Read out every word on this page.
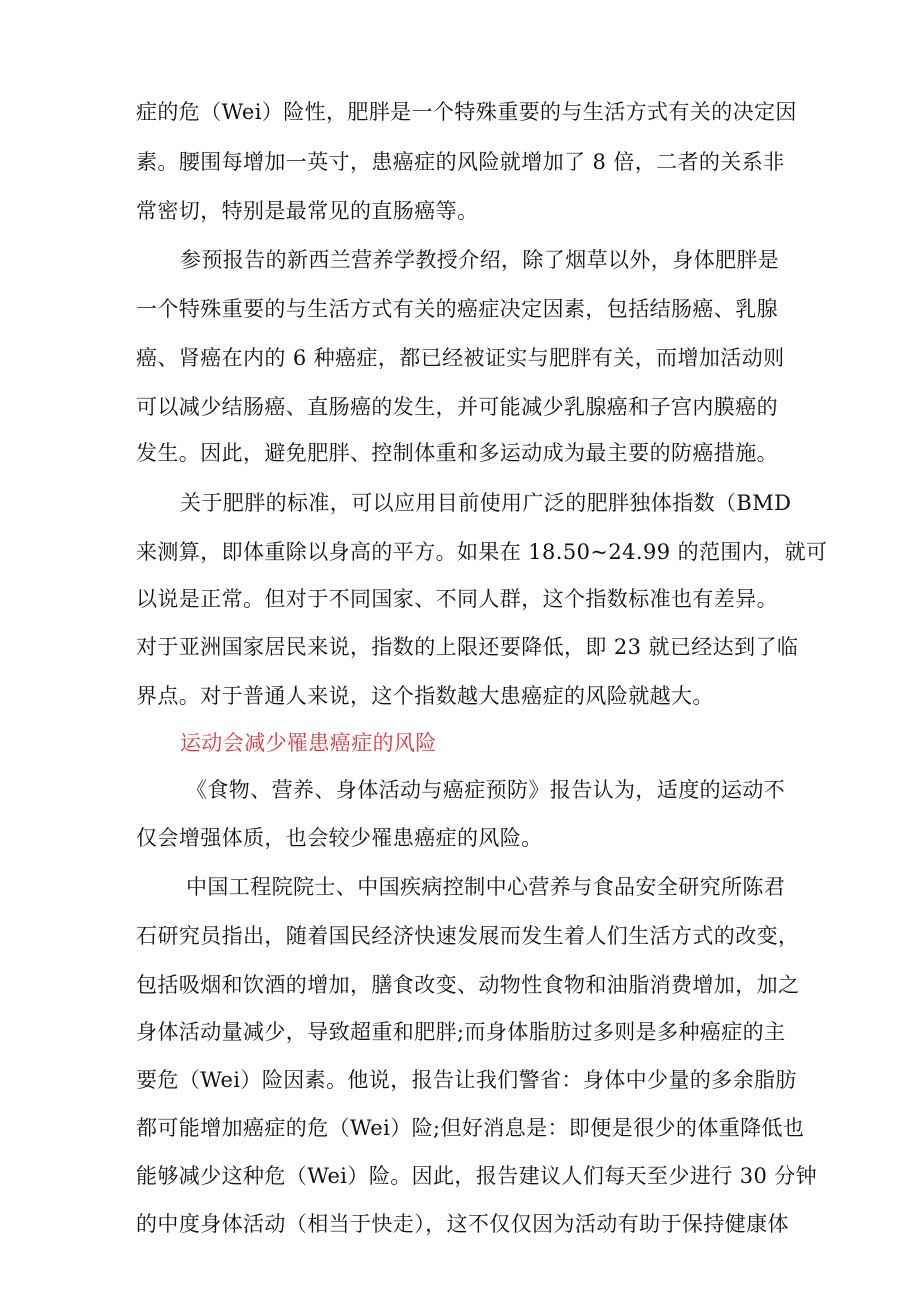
症的危（Wei）险性，肥胖是一个特殊重要的与生活方式有关的决定因
素。腰围每增加一英寸，患癌症的风险就增加了 8 倍，二者的关系非
常密切，特别是最常见的直肠癌等。
参预报告的新西兰营养学教授介绍，除了烟草以外，身体肥胖是
一个特殊重要的与生活方式有关的癌症决定因素，包括结肠癌、乳腺
癌、肾癌在内的 6 种癌症，都已经被证实与肥胖有关，而增加活动则
可以减少结肠癌、直肠癌的发生，并可能减少乳腺癌和子宫内膜癌的
发生。因此，避免肥胖、控制体重和多运动成为最主要的防癌措施。
关于肥胖的标准，可以应用目前使用广泛的肥胖独体指数（BMD
来测算，即体重除以身高的平方。如果在 18.50~24.99 的范围内，就可
以说是正常。但对于不同国家、不同人群，这个指数标准也有差异。
对于亚洲国家居民来说，指数的上限还要降低，即 23 就已经达到了临
界点。对于普通人来说，这个指数越大患癌症的风险就越大。
运动会减少罹患癌症的风险
《食物、营养、身体活动与癌症预防》报告认为，适度的运动不
仅会增强体质，也会较少罹患癌症的风险。
中国工程院院士、中国疾病控制中心营养与食品安全研究所陈君
石研究员指出，随着国民经济快速发展而发生着人们生活方式的改变，
包括吸烟和饮酒的增加，膳食改变、动物性食物和油脂消费增加，加之
身体活动量减少，导致超重和肥胖;而身体脂肪过多则是多种癌症的主
要危（Wei）险因素。他说，报告让我们警省：身体中少量的多余脂肪
都可能增加癌症的危（Wei）险;但好消息是：即便是很少的体重降低也
能够减少这种危（Wei）险。因此，报告建议人们每天至少进行 30 分钟
的中度身体活动（相当于快走），这不仅仅因为活动有助于保持健康体
